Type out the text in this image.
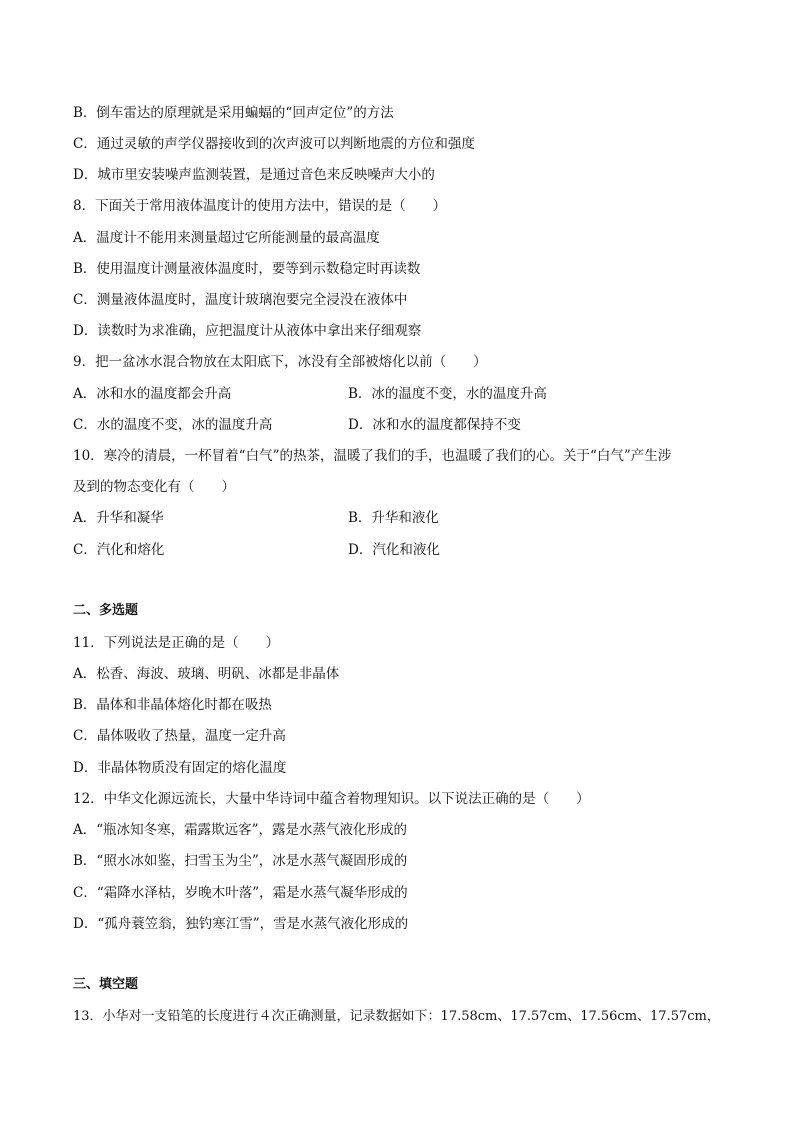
B．倒车雷达的原理就是采用蝙蝠的“回声定位”的方法
C．通过灵敏的声学仪器接收到的次声波可以判断地震的方位和强度
D．城市里安装噪声监测装置，是通过音色来反映噪声大小的
8．下面关于常用液体温度计的使用方法中，错误的是（　　）
A．温度计不能用来测量超过它所能测量的最高温度
B．使用温度计测量液体温度时，要等到示数稳定时再读数
C．测量液体温度时，温度计玻璃泡要完全浸没在液体中
D．读数时为求准确，应把温度计从液体中拿出来仔细观察
9．把一盆冰水混合物放在太阳底下，冰没有全部被熔化以前（　　）
A．冰和水的温度都会升高	B．冰的温度不变，水的温度升高
C．水的温度不变，冰的温度升高	D．冰和水的温度都保持不变
10．寒冷的清晨，一杯冒着“白气”的热茶，温暖了我们的手，也温暖了我们的心。关于“白气”产生涉
及到的物态变化有（　　）
A．升华和凝华	B．升华和液化
C．汽化和熔化	D．汽化和液化
二、多选题
11．下列说法是正确的是（　　）
A．松香、海波、玻璃、明矾、冰都是非晶体
B．晶体和非晶体熔化时都在吸热
C．晶体吸收了热量，温度一定升高
D．非晶体物质没有固定的熔化温度
12．中华文化源远流长，大量中华诗词中蕴含着物理知识。以下说法正确的是（　　）
A．“瓶冰知冬寒，霜露欺远客”，露是水蒸气液化形成的
B．“照水冰如鉴，扫雪玉为尘”，冰是水蒸气凝固形成的
C．“霜降水泽枯，岁晚木叶落”，霜是水蒸气凝华形成的
D．“孤舟蓑笠翁，独钓寒江雪”，雪是水蒸气液化形成的
三、填空题
13．小华对一支铅笔的长度进行４次正确测量，记录数据如下：17.58cm、17.57cm、17.56cm、17.57cm，
